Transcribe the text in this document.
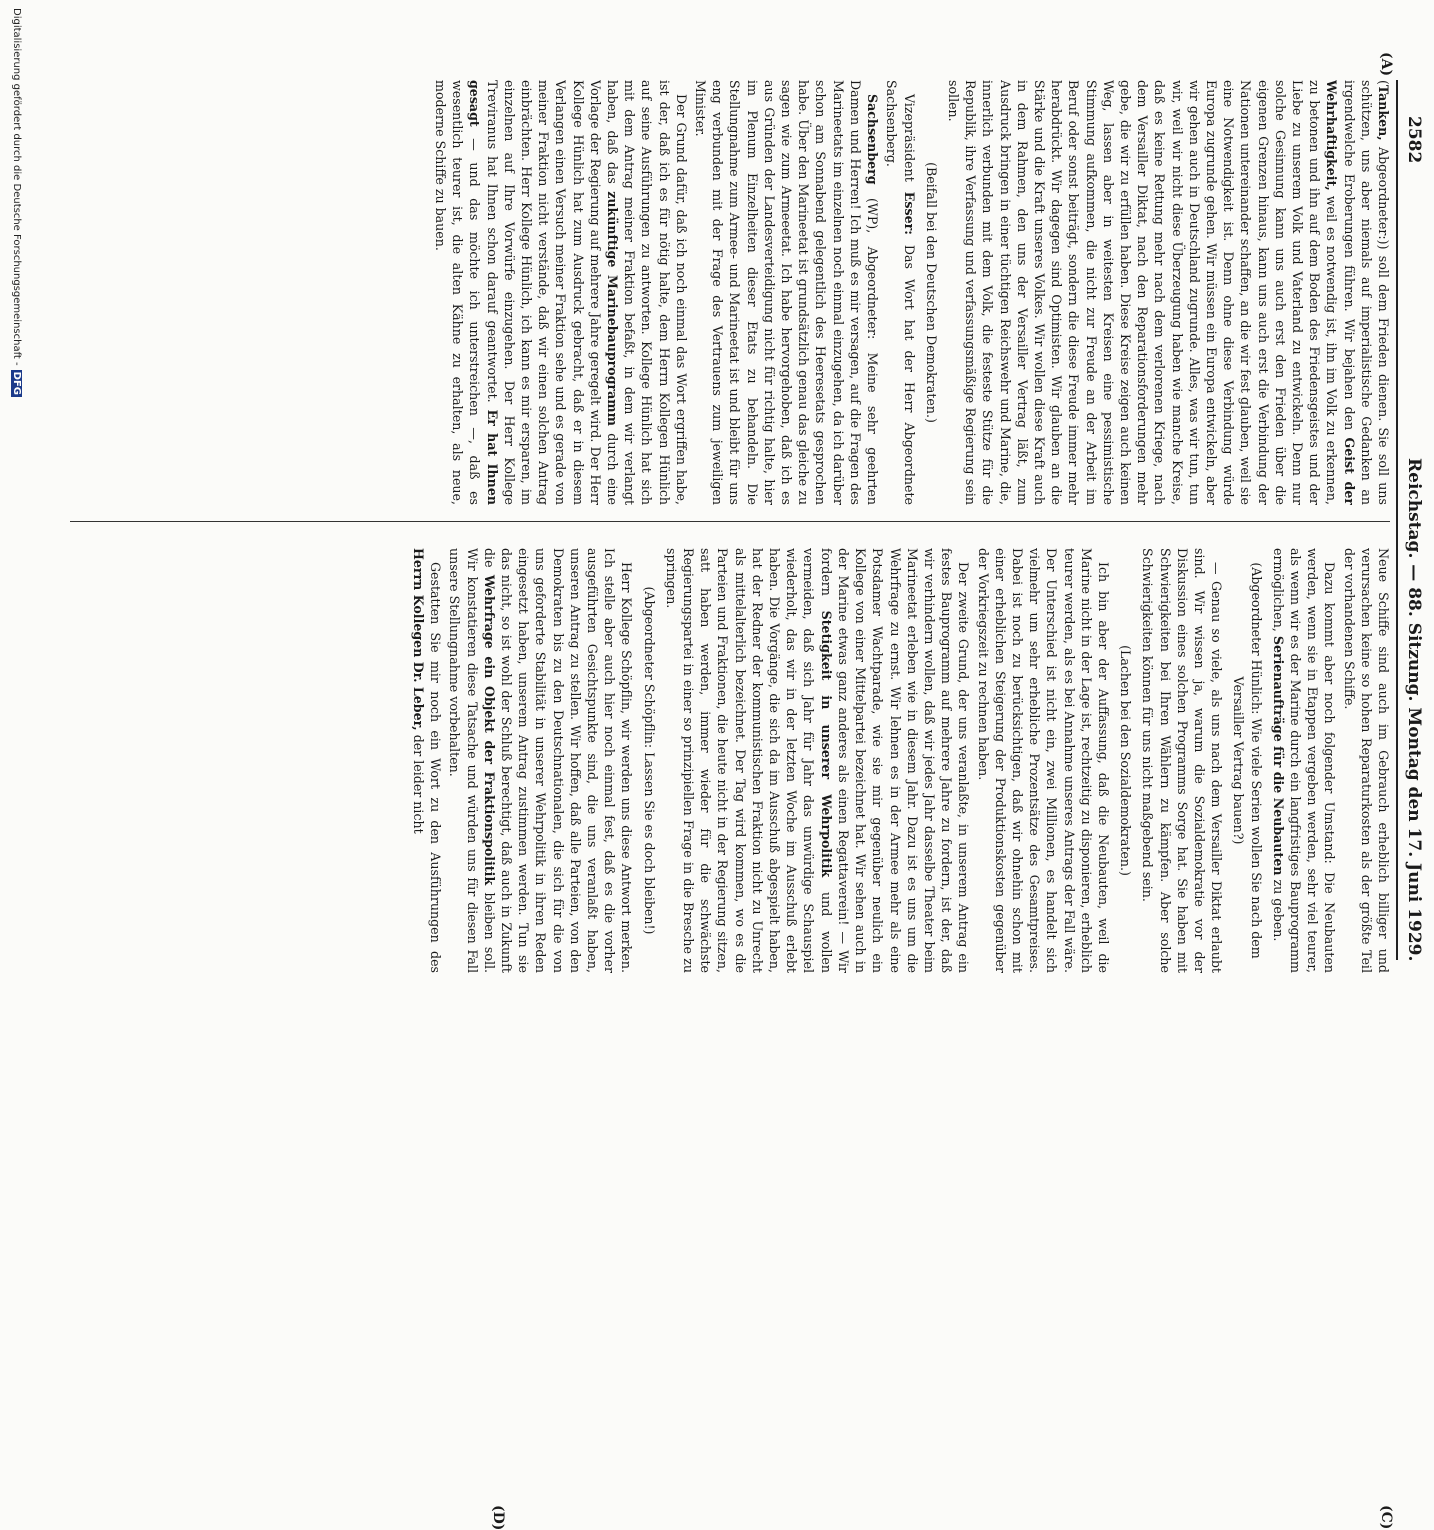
2582
Reichstag. — 88. Sitzung. Montag den 17. Juni 1929.
(A)
(C)
(D)

(Tanken, Abgeordneter:)) soll dem Frieden dienen. Sie soll uns schützen, uns aber niemals auf imperialistische Gedanken an irgendwelche Eroberungen führen. Wir bejahen den Geist der Wehrhaftigkeit, weil es notwendig ist, ihn im Volk zu erkennen, zu betonen und ihn auf dem Boden des Friedensgeistes und der Liebe zu unserem Volk und Vaterland zu entwickeln. Denn nur solche Gesinnung kann uns auch erst den Frieden über die eigenen Grenzen hinaus, kann uns auch erst die Verbindung der Nationen untereinander schaffen, an die wir fest glauben, weil sie eine Notwendigkeit ist. Denn ohne diese Verbindung würde Europa zugrunde gehen. Wir müssen ein Europa entwickeln, aber wir gehen auch in Deutschland zugrunde. Alles, was wir tun, tun wir, weil wir nicht diese Überzeugung haben wie manche Kreise, daß es keine Rettung mehr nach dem verlorenen Kriege, nach dem Versailler Diktat, nach den Reparationsforderungen mehr gebe, die wir zu erfüllen haben. Diese Kreise zeigen auch keinen Weg, lassen aber in weitesten Kreisen eine pessimistische Stimmung aufkommen, die nicht zur Freude an der Arbeit im Beruf oder sonst beiträgt, sondern die diese Freude immer mehr herabdrückt. Wir dagegen sind Optimisten. Wir glauben an die Stärke und die Kraft unseres Volkes. Wir wollen diese Kraft auch in dem Rahmen, den uns der Versailler Vertrag läßt, zum Ausdruck bringen in einer tüchtigen Reichswehr und Marine, die, innerlich verbunden mit dem Volk, die festeste Stütze für die Republik, ihre Verfassung und verfassungsmäßige Regierung sein sollen.

(Beifall bei den Deutschen Demokraten.)

Vizepräsident Esser: Das Wort hat der Herr Abgeordnete Sachsenberg.

Sachsenberg (WP), Abgeordneter: Meine sehr geehrten Damen und Herren! Ich muß es mir versagen, auf die Fragen des Marineetats im einzelnen noch einmal einzugehen, da ich darüber schon am Sonnabend gelegentlich des Heeresetats gesprochen habe. Über den Marineetat ist grundsätzlich genau das gleiche zu sagen wie zum Armeeetat. Ich habe hervorgehoben, daß ich es aus Gründen der Landesverteidigung nicht für richtig halte, hier im Plenum Einzelheiten dieser Etats zu behandeln. Die Stellungnahme zum Armee- und Marineetat ist und bleibt für uns eng verbunden mit der Frage des Vertrauens zum jeweiligen Minister.

Der Grund dafür, daß ich noch einmal das Wort ergriffen habe, ist der, daß ich es für nötig halte, dem Herrn Kollegen Hünlich auf seine Ausführungen zu antworten. Kollege Hünlich hat sich mit dem Antrag meiner Fraktion befaßt, in dem wir verlangt haben, daß das zukünftige Marinebauprogramm durch eine Vorlage der Regierung auf mehrere Jahre geregelt wird. Der Herr Kollege Hünlich hat zum Ausdruck gebracht, daß er in diesem Verlangen einen Versuch meiner Fraktion sehe und es gerade von meiner Fraktion nicht verstände, daß wir einen solchen Antrag einbrächten. Herr Kollege Hünlich, ich kann es mir ersparen, im einzelnen auf Ihre Vorwürfe einzugehen. Der Herr Kollege Treviranus hat Ihnen schon darauf geantwortet. Er hat Ihnen gesagt — und das möchte ich unterstreichen —, daß es wesentlich teurer ist, die alten Kähne zu erhalten, als neue, moderne Schiffe zu bauen.

Neue Schiffe sind auch im Gebrauch erheblich billiger und verursachen keine so hohen Reparaturkosten als der größte Teil der vorhandenen Schiffe.

Dazu kommt aber noch folgender Umstand: Die Neubauten werden, wenn sie in Etappen vergeben werden, sehr viel teurer, als wenn wir es der Marine durch ein langfristiges Bauprogramm ermöglichen, Serienaufträge für die Neubauten zu geben.

(Abgeordneter Hünlich: Wie viele Serien wollen Sie nach dem Versailler Vertrag bauen?)

— Genau so viele, als uns nach dem Versailler Diktat erlaubt sind. Wir wissen ja, warum die Sozialdemokratie vor der Diskussion eines solchen Programms Sorge hat. Sie haben mit Schwierigkeiten bei Ihren Wählern zu kämpfen. Aber solche Schwierigkeiten können für uns nicht maßgebend sein.

(Lachen bei den Sozialdemokraten.)

Ich bin aber der Auffassung, daß die Neubauten, weil die Marine nicht in der Lage ist, rechtzeitig zu disponieren, erheblich teurer werden, als es bei Annahme unseres Antrags der Fall wäre. Der Unterschied ist nicht ein, zwei Millionen, es handelt sich vielmehr um sehr erhebliche Prozentsätze des Gesamtpreises. Dabei ist noch zu berücksichtigen, daß wir ohnehin schon mit einer erheblichen Steigerung der Produktionskosten gegenüber der Vorkriegszeit zu rechnen haben.

Der zweite Grund, der uns veranlaßte, in unserem Antrag ein festes Bauprogramm auf mehrere Jahre zu fordern, ist der, daß wir verhindern wollen, daß wir jedes Jahr dasselbe Theater beim Marineetat erleben wie in diesem Jahr. Dazu ist es uns um die Wehrfrage zu ernst. Wir lehnen es in der Armee mehr als eine Potsdamer Wachtparade, wie sie mir gegenüber neulich ein Kollege von einer Mittelpartei bezeichnet hat. Wir sehen auch in der Marine etwas ganz anderes als einen Regattaverein! — Wir fordern Stetigkeit in unserer Wehrpolitik und wollen vermeiden, daß sich Jahr für Jahr das unwürdige Schauspiel wiederholt, das wir in der letzten Woche im Ausschuß erlebt haben. Die Vorgänge, die sich da im Ausschuß abgespielt haben, hat der Redner der kommunistischen Fraktion nicht zu Unrecht als mittelalterlich bezeichnet. Der Tag wird kommen, wo es die Parteien und Fraktionen, die heute nicht in der Regierung sitzen, satt haben werden, immer wieder für die schwächste Regierungspartei in einer so prinzipiellen Frage in die Bresche zu springen.

(Abgeordneter Schöpflin: Lassen Sie es doch bleiben!)

Herr Kollege Schöpflin, wir werden uns diese Antwort merken. Ich stelle aber auch hier noch einmal fest, daß es die vorher ausgeführten Gesichtspunkte sind, die uns veranlaßt haben, unseren Antrag zu stellen. Wir hoffen, daß alle Parteien, von den Demokraten bis zu den Deutschnationalen, die sich für die von uns geforderte Stabilität in unserer Wehrpolitik in ihren Reden eingesetzt haben, unserem Antrag zustimmen werden. Tun sie das nicht, so ist wohl der Schluß berechtigt, daß auch in Zukunft die Wehrfrage ein Objekt der Fraktionspolitik bleiben soll. Wir konstatieren diese Tatsache und würden uns für diesen Fall unsere Stellungnahme vorbehalten.

Gestatten Sie mir noch ein Wort zu den Ausführungen des Herrn Kollegen Dr. Leber, der leider nicht

Digitalisierung gefördert durch die Deutsche Forschungsgemeinschaft -DFG
